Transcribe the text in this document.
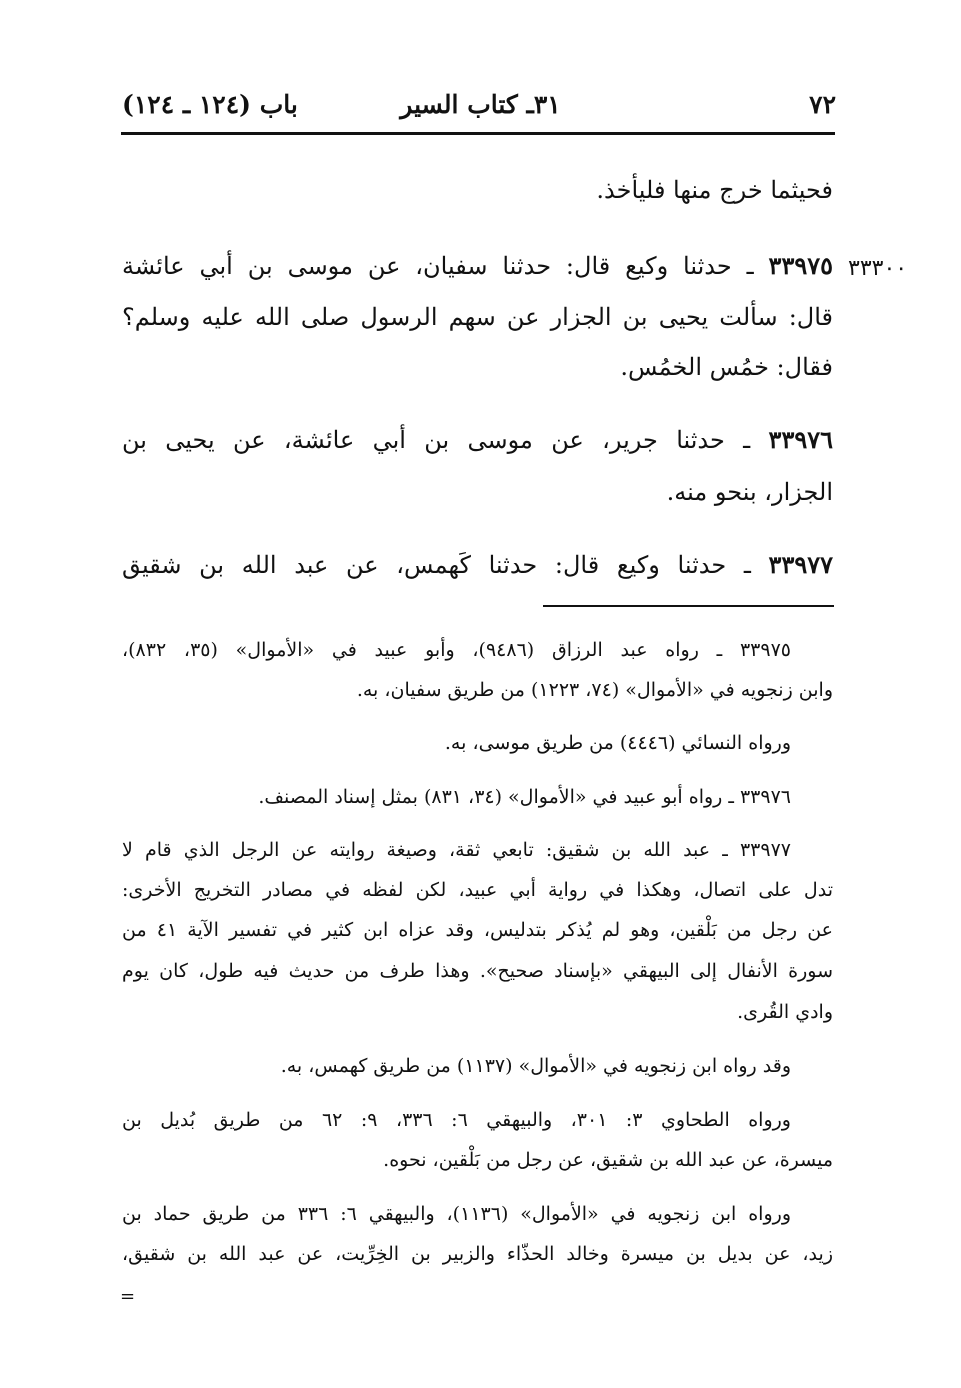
٧٢
٣١ـ كتاب السير
باب (١٢٤ ـ ١٢٤)
٣٣٣٠٠
فحيثما خرج منها فليأخذ.
٣٣٩٧٥ ـ حدثنا وكيع قال: حدثنا سفيان، عن موسى بن أبي عائشة
قال: سألت يحيى بن الجزار عن سهم الرسول صلى الله عليه وسلم؟
فقال: خمُس الخمُس.
٣٣٩٧٦ ـ حدثنا جرير، عن موسى بن أبي عائشة، عن يحيى بن
الجزار، بنحو منه.
٣٣٩٧٧ ـ حدثنا وكيع قال: حدثنا كَهمس، عن عبد الله بن شقيق
٣٣٩٧٥ ـ رواه عبد الرزاق (٩٤٨٦)، وأبو عبيد في «الأموال» (٣٥، ٨٣٢)،
وابن زنجويه في «الأموال» (٧٤، ١٢٢٣) من طريق سفيان، به.
ورواه النسائي (٤٤٤٦) من طريق موسى، به.
٣٣٩٧٦ ـ رواه أبو عبيد في «الأموال» (٣٤، ٨٣١) بمثل إسناد المصنف.
٣٣٩٧٧ ـ عبد الله بن شقيق: تابعي ثقة، وصيغة روايته عن الرجل الذي قام لا
تدل على اتصال، وهكذا في رواية أبي عبيد، لكن لفظه في مصادر التخريج الأخرى:
عن رجل من بَلْقين، وهو لم يُذكر بتدليس، وقد عزاه ابن كثير في تفسير الآية ٤١ من
سورة الأنفال إلى البيهقي «بإسناد صحيح». وهذا طرف من حديث فيه طول، كان يوم
وادي القُرى.
وقد رواه ابن زنجويه في «الأموال» (١١٣٧) من طريق كهمس، به.
ورواه الطحاوي ٣: ٣٠١، والبيهقي ٦: ٣٣٦، ٩: ٦٢ من طريق بُديل بن
ميسرة، عن عبد الله بن شقيق، عن رجل من بَلْقين، نحوه.
ورواه ابن زنجويه في «الأموال» (١١٣٦)، والبيهقي ٦: ٣٣٦ من طريق حماد بن
زيد، عن بديل بن ميسرة وخالد الحذّاء والزبير بن الخِرِّيت، عن عبد الله بن شقيق،
=
